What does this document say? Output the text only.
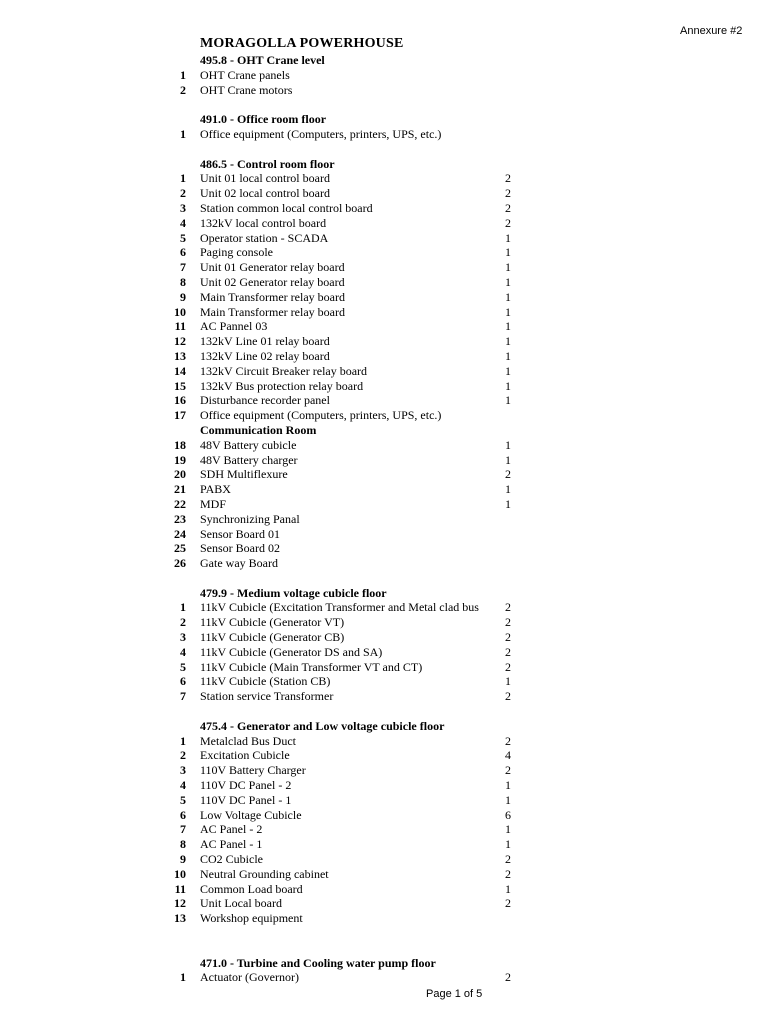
Annexure #2
MORAGOLLA POWERHOUSE
495.8 - OHT Crane level
1 OHT Crane panels
2 OHT Crane motors
491.0 - Office room floor
1 Office equipment (Computers, printers, UPS, etc.)
486.5 - Control room floor
1 Unit 01 local control board	2
2 Unit 02 local control board	2
3 Station common local control board	2
4 132kV local control board	2
5 Operator station - SCADA	1
6 Paging console	1
7 Unit 01 Generator relay board	1
8 Unit 02 Generator relay board	1
9 Main Transformer relay board	1
10 Main Transformer relay board	1
11 AC Pannel 03	1
12 132kV Line 01 relay board	1
13 132kV Line 02 relay board	1
14 132kV Circuit Breaker relay board	1
15 132kV Bus protection relay board	1
16 Disturbance recorder panel	1
17 Office equipment (Computers, printers, UPS, etc.)
Communication Room
18 48V Battery cubicle	1
19 48V Battery charger	1
20 SDH Multiflexure	2
21 PABX	1
22 MDF	1
23 Synchronizing Panal
24 Sensor Board 01
25 Sensor Board 02
26 Gate way Board
479.9 - Medium voltage cubicle floor
1 11kV Cubicle (Excitation Transformer and Metal clad bus	2
2 11kV Cubicle (Generator VT)	2
3 11kV Cubicle (Generator CB)	2
4 11kV Cubicle (Generator DS and SA)	2
5 11kV Cubicle (Main Transformer VT and CT)	2
6 11kV Cubicle (Station CB)	1
7 Station service Transformer	2
475.4 - Generator and Low voltage cubicle floor
1 Metalclad Bus Duct	2
2 Excitation Cubicle	4
3 110V Battery Charger	2
4 110V DC Panel - 2	1
5 110V DC Panel - 1	1
6 Low Voltage Cubicle	6
7 AC Panel - 2	1
8 AC Panel - 1	1
9 CO2 Cubicle	2
10 Neutral Grounding cabinet	2
11 Common Load board	1
12 Unit Local board	2
13 Workshop equipment
471.0 - Turbine and Cooling water pump floor
1 Actuator (Governor)	2
Page 1 of 5
